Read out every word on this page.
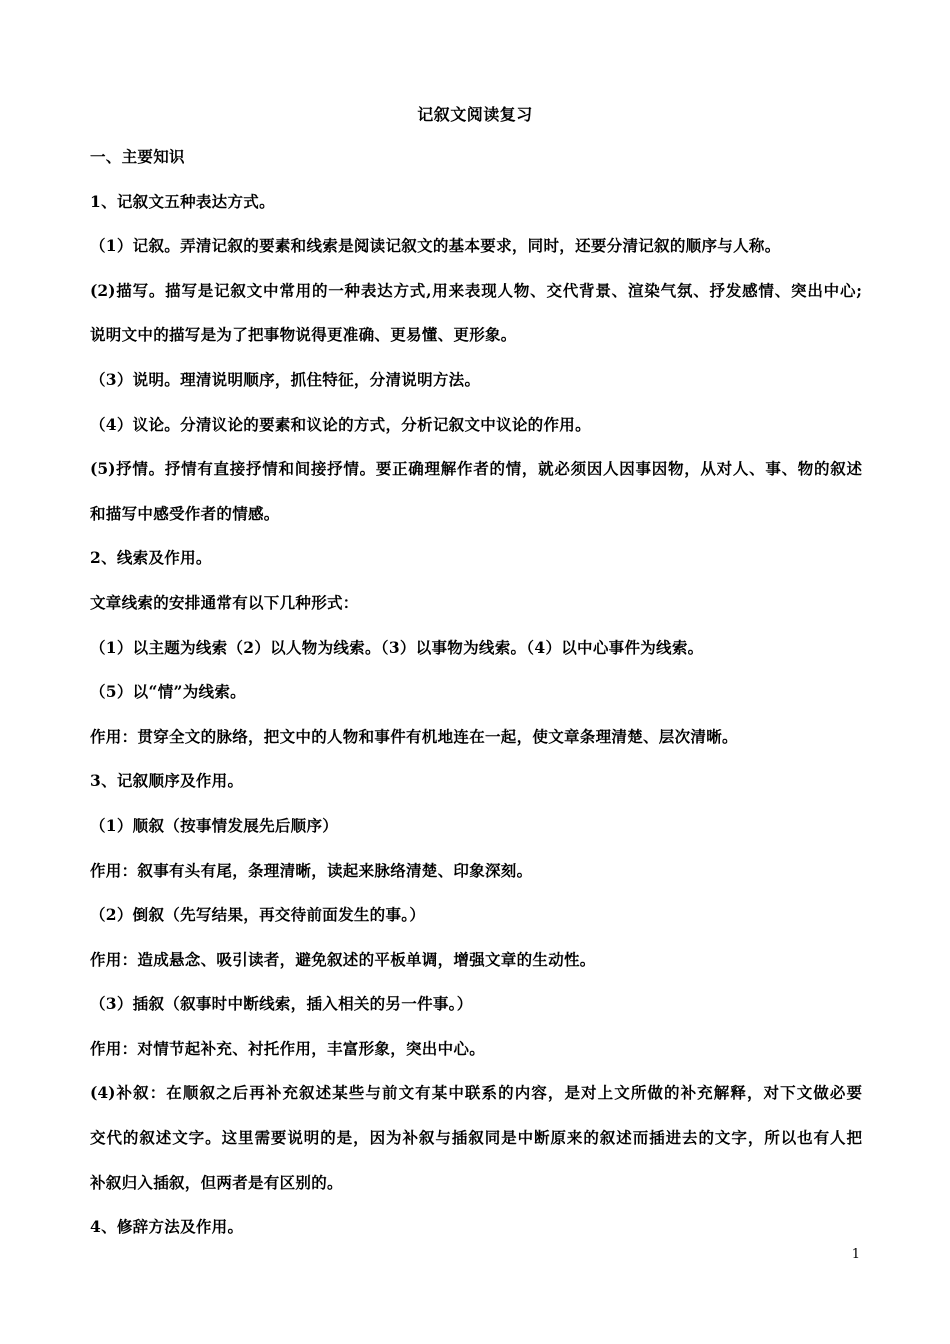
记叙文阅读复习
一、主要知识
1、记叙文五种表达方式。
（1）记叙。弄清记叙的要素和线索是阅读记叙文的基本要求，同时，还要分清记叙的顺序与人称。
(2)描写。描写是记叙文中常用的一种表达方式,用来表现人物、交代背景、渲染气氛、抒发感情、突出中心;
说明文中的描写是为了把事物说得更准确、更易懂、更形象。
（3）说明。理清说明顺序，抓住特征，分清说明方法。
（4）议论。分清议论的要素和议论的方式，分析记叙文中议论的作用。
(5)抒情。抒情有直接抒情和间接抒情。要正确理解作者的情，就必须因人因事因物，从对人、事、物的叙述
和描写中感受作者的情感。
2、线索及作用。
文章线索的安排通常有以下几种形式：
（1）以主题为线索（2）以人物为线索。（3）以事物为线索。（4）以中心事件为线索。
（5）以“情”为线索。
作用：贯穿全文的脉络，把文中的人物和事件有机地连在一起，使文章条理清楚、层次清晰。
3、记叙顺序及作用。
（1）顺叙（按事情发展先后顺序）
作用：叙事有头有尾，条理清晰，读起来脉络清楚、印象深刻。
（2）倒叙（先写结果，再交待前面发生的事。）
作用：造成悬念、吸引读者，避免叙述的平板单调，增强文章的生动性。
（3）插叙（叙事时中断线索，插入相关的另一件事。）
作用：对情节起补充、衬托作用，丰富形象，突出中心。
(4)补叙：在顺叙之后再补充叙述某些与前文有某中联系的内容，是对上文所做的补充解释，对下文做必要
交代的叙述文字。这里需要说明的是，因为补叙与插叙同是中断原来的叙述而插进去的文字，所以也有人把
补叙归入插叙，但两者是有区别的。
4、修辞方法及作用。
1
